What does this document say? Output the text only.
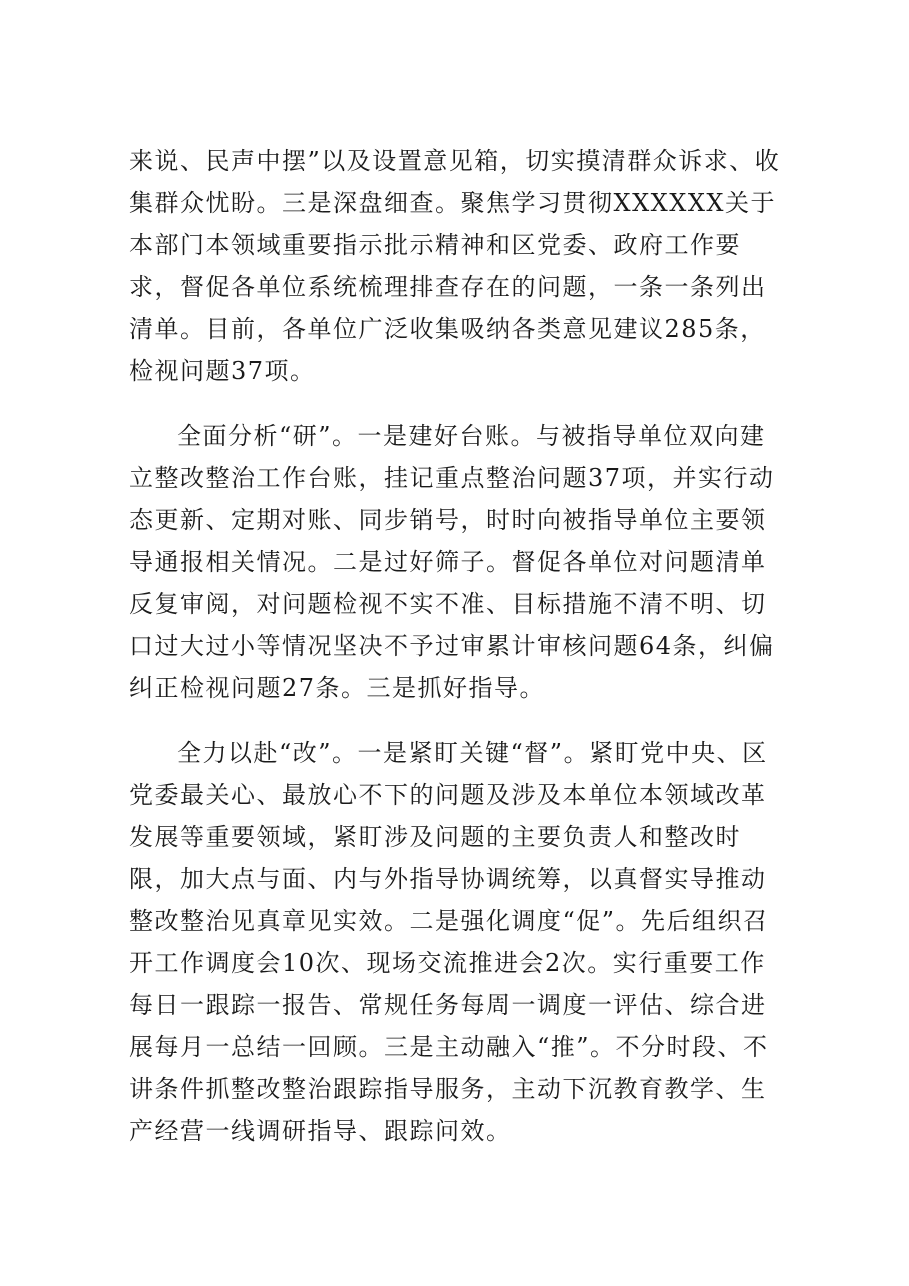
来说、民声中摆”以及设置意见箱，切实摸清群众诉求、收集群众忧盼。三是深盘细查。聚焦学习贯彻XXXXXX关于本部门本领域重要指示批示精神和区党委、政府工作要求，督促各单位系统梳理排查存在的问题，一条一条列出清单。目前，各单位广泛收集吸纳各类意见建议285条，检视问题37项。

全面分析“研”。一是建好台账。与被指导单位双向建立整改整治工作台账，挂记重点整治问题37项，并实行动态更新、定期对账、同步销号，时时向被指导单位主要领导通报相关情况。二是过好筛子。督促各单位对问题清单反复审阅，对问题检视不实不准、目标措施不清不明、切口过大过小等情况坚决不予过审累计审核问题64条，纠偏纠正检视问题27条。三是抓好指导。

全力以赴“改”。一是紧盯关键“督”。紧盯党中央、区党委最关心、最放心不下的问题及涉及本单位本领域改革发展等重要领域，紧盯涉及问题的主要负责人和整改时限，加大点与面、内与外指导协调统筹，以真督实导推动整改整治见真章见实效。二是强化调度“促”。先后组织召开工作调度会10次、现场交流推进会2次。实行重要工作每日一跟踪一报告、常规任务每周一调度一评估、综合进展每月一总结一回顾。三是主动融入“推”。不分时段、不讲条件抓整改整治跟踪指导服务，主动下沉教育教学、生产经营一线调研指导、跟踪问效。
